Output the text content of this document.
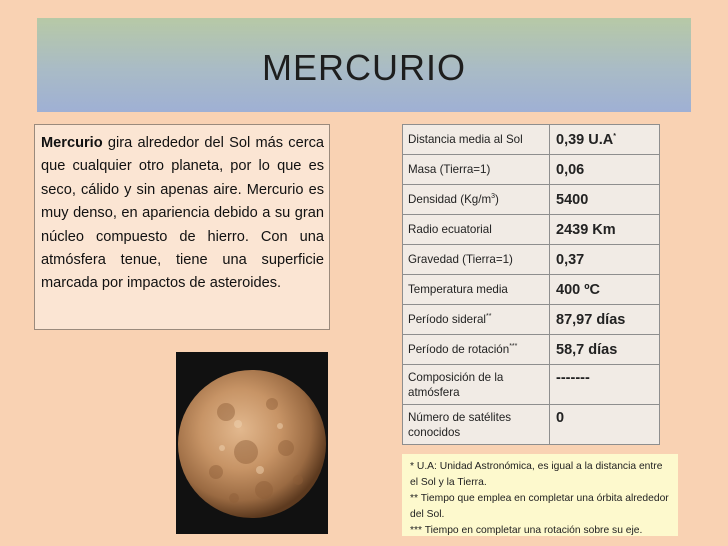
MERCURIO
Mercurio gira alrededor del Sol más cerca que cualquier otro planeta, por lo que es seco, cálido y sin apenas aire. Mercurio es muy denso, en apariencia debido a su gran núcleo compuesto de hierro. Con una atmósfera tenue, tiene una superficie marcada por impactos de asteroides.
Distancia media al Sol	0,39 U.A*
Masa (Tierra=1)	0,06
Densidad $(Kg/m^3)$	5400
Radio ecuatorial	2439 Km
Gravedad (Tierra=1)	0,37
Temperatura media	400 ºC
Período sideral**	87,97 días
Período de rotación***	58,7 días
Composición de la atmósfera	-------
Número de satélites conocidos	0
* U.A: Unidad Astronómica, es igual a la distancia entre el Sol y la Tierra.
** Tiempo que emplea en completar una órbita alrededor del Sol.
*** Tiempo en completar una rotación sobre su eje.
